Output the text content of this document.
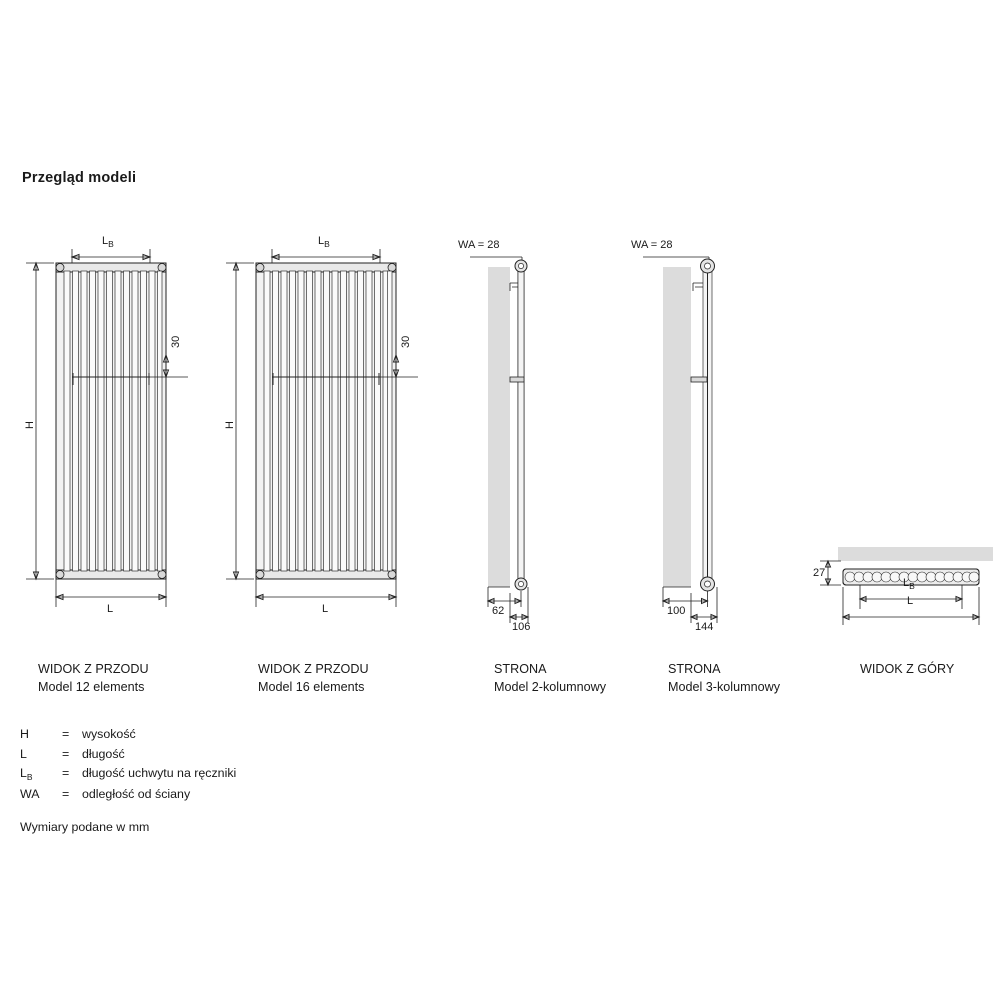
Przegląd modeli
$L_B$
30
H
L
WIDOK Z PRZODU
Model 12 elements
$L_B$
30
H
L
WIDOK Z PRZODU
Model 16 elements
WA = 28
62
106
STRONA
Model 2-kolumnowy
WA = 28
100
144
STRONA
Model 3-kolumnowy
27
$L_B$
L
WIDOK Z GÓRY
H	=	wysokość
L	=	długość
$L_B$	=	długość uchwytu na ręczniki
WA	=	odległość od ściany
Wymiary podane w mm
